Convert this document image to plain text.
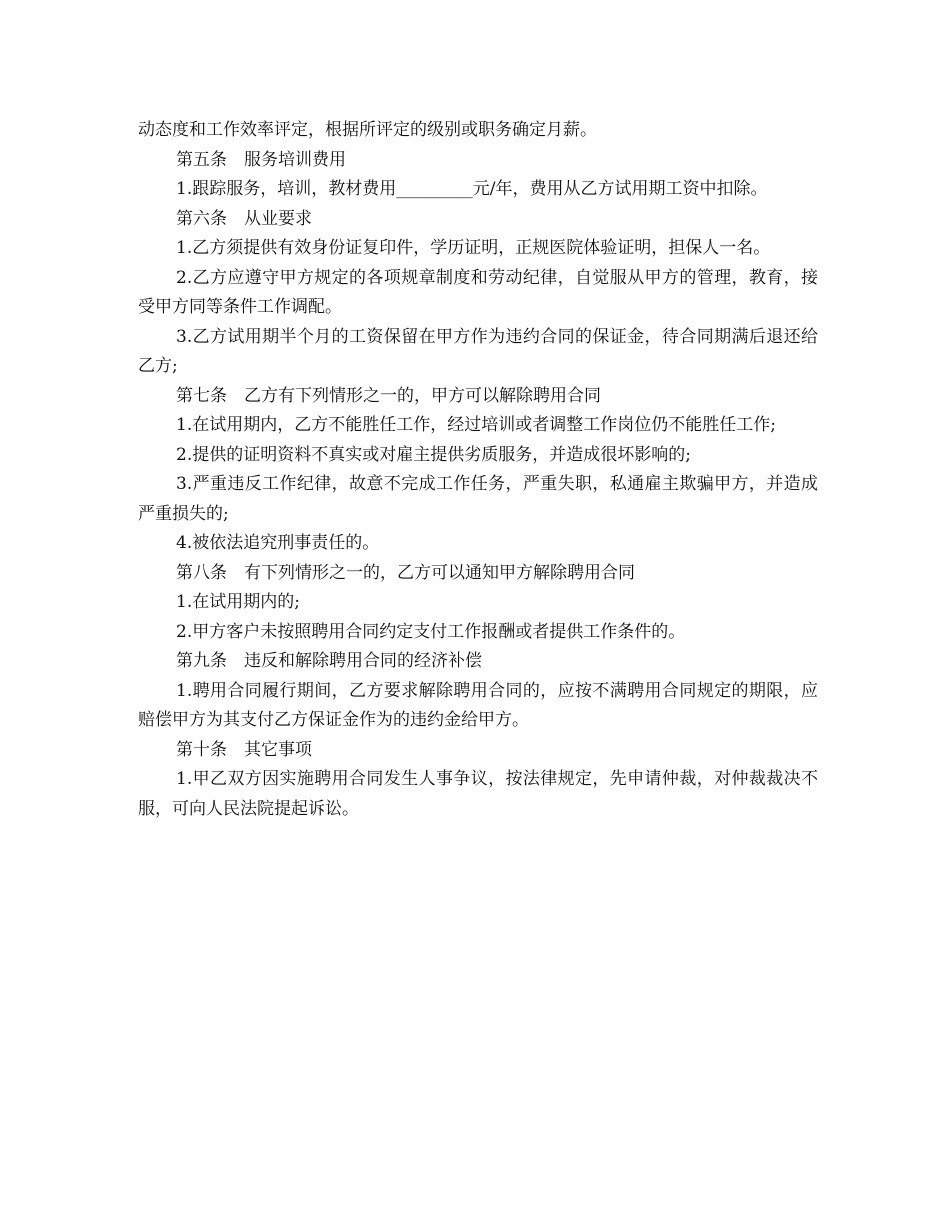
动态度和工作效率评定，根据所评定的级别或职务确定月薪。

第五条　服务培训费用

1.跟踪服务，培训，教材费用_________元/年，费用从乙方试用期工资中扣除。

第六条　从业要求

1.乙方须提供有效身份证复印件，学历证明，正规医院体验证明，担保人一名。

2.乙方应遵守甲方规定的各项规章制度和劳动纪律，自觉服从甲方的管理，教育，接受甲方同等条件工作调配。

3.乙方试用期半个月的工资保留在甲方作为违约合同的保证金，待合同期满后退还给乙方;

第七条　乙方有下列情形之一的，甲方可以解除聘用合同

1.在试用期内，乙方不能胜任工作，经过培训或者调整工作岗位仍不能胜任工作;

2.提供的证明资料不真实或对雇主提供劣质服务，并造成很坏影响的;

3.严重违反工作纪律，故意不完成工作任务，严重失职，私通雇主欺骗甲方，并造成严重损失的;

4.被依法追究刑事责任的。

第八条　有下列情形之一的，乙方可以通知甲方解除聘用合同

1.在试用期内的;

2.甲方客户未按照聘用合同约定支付工作报酬或者提供工作条件的。

第九条　违反和解除聘用合同的经济补偿

1.聘用合同履行期间，乙方要求解除聘用合同的，应按不满聘用合同规定的期限，应赔偿甲方为其支付乙方保证金作为的违约金给甲方。

第十条　其它事项

1.甲乙双方因实施聘用合同发生人事争议，按法律规定，先申请仲裁，对仲裁裁决不服，可向人民法院提起诉讼。
